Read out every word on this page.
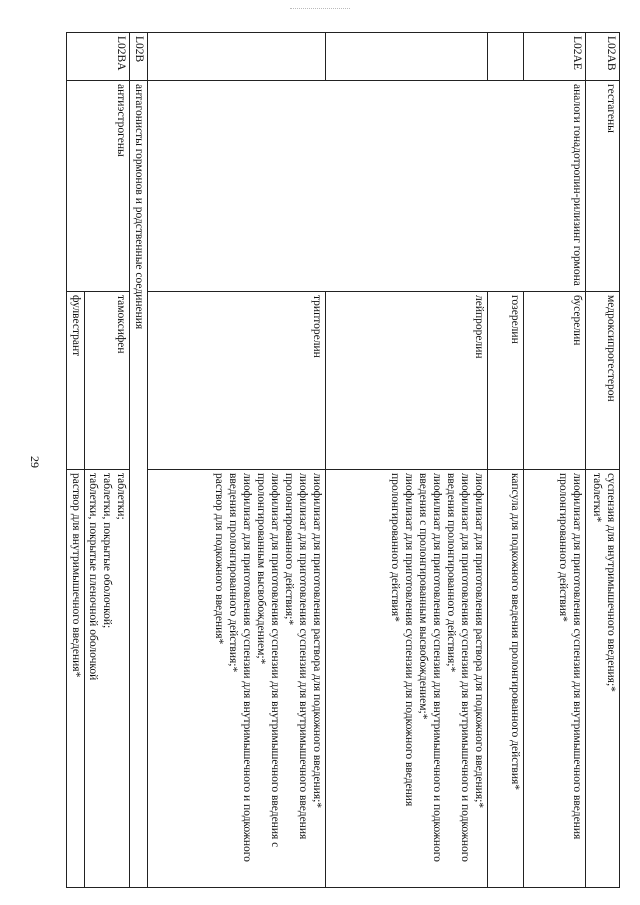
29
L02AB	гестагены	медроксипрогестерон	суспензия для внутримышечного введения;*
таблетки*

L02AE	аналоги гонадотропин-рилизинг гормона	бусерелин	лиофилизат для приготовления суспензии для внутримышечного введения пролонгированного действия*

		гозерелин	капсула для подкожного введения пролонгированного действия*

		лейпрорелин	лиофилизат для приготовления раствора для подкожного введения;*
лиофилизат для приготовления суспензии для внутримышечного и подкожного введения пролонгированного действия;*
лиофилизат для приготовления суспензии для внутримышечного и подкожного введения с пролонгированным высвобождением;*
лиофилизат для приготовления суспензии для подкожного введения пролонгированного действия*

		трипторелин	лиофилизат для приготовления раствора для подкожного введения;*
лиофилизат для приготовления суспензии для внутримышечного введения пролонгированного действия;*
лиофилизат для приготовления суспензии для внутримышечного введения с пролонгированным высвобождением;*
лиофилизат для приготовления суспензии для внутримышечного и подкожного введения пролонгированного действия;*
раствор для подкожного введения*

L02B	антагонисты гормонов и родственные соединения		
L02BA	антиэстрогены	тамоксифен	таблетки;
таблетки, покрытые оболочкой;
таблетки, покрытые пленочной оболочкой

		фулвестрант	раствор для внутримышечного введения*
